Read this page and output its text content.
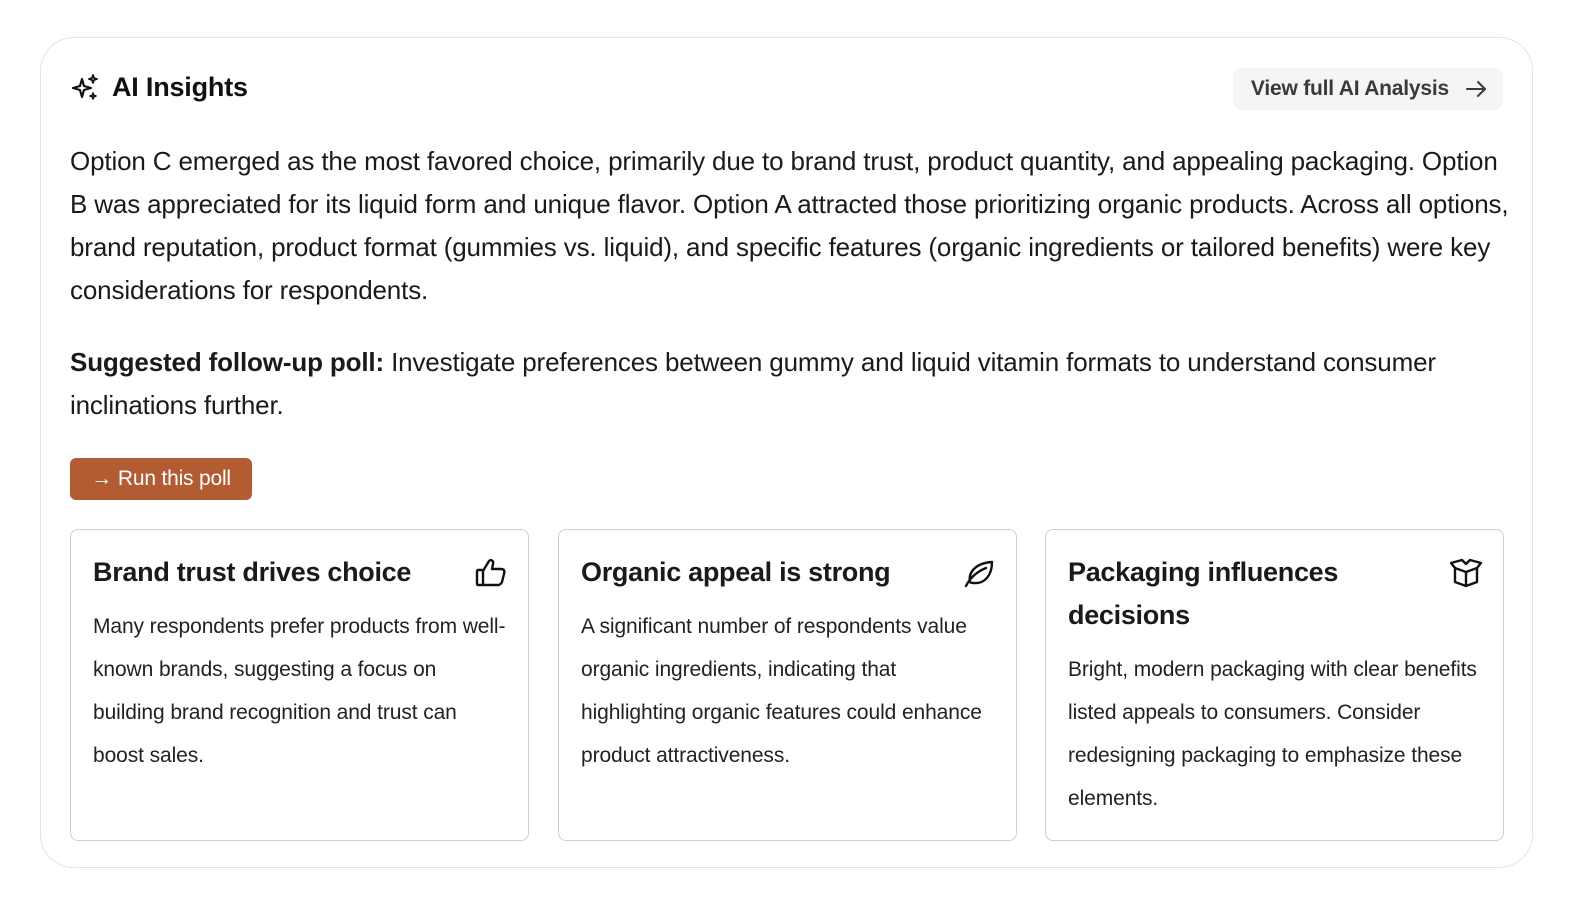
AI Insights	View full AI Analysis

Option C emerged as the most favored choice, primarily due to brand trust, product quantity, and appealing packaging. Option B was appreciated for its liquid form and unique flavor. Option A attracted those prioritizing organic products. Across all options, brand reputation, product format (gummies vs. liquid), and specific features (organic ingredients or tailored benefits) were key considerations for respondents.

Suggested follow-up poll: Investigate preferences between gummy and liquid vitamin formats to understand consumer inclinations further.

→ Run this poll
Brand trust drives choice
Many respondents prefer products from well-known brands, suggesting a focus on building brand recognition and trust can boost sales.
Organic appeal is strong
A significant number of respondents value organic ingredients, indicating that highlighting organic features could enhance product attractiveness.
Packaging influences decisions
Bright, modern packaging with clear benefits listed appeals to consumers. Consider redesigning packaging to emphasize these elements.
